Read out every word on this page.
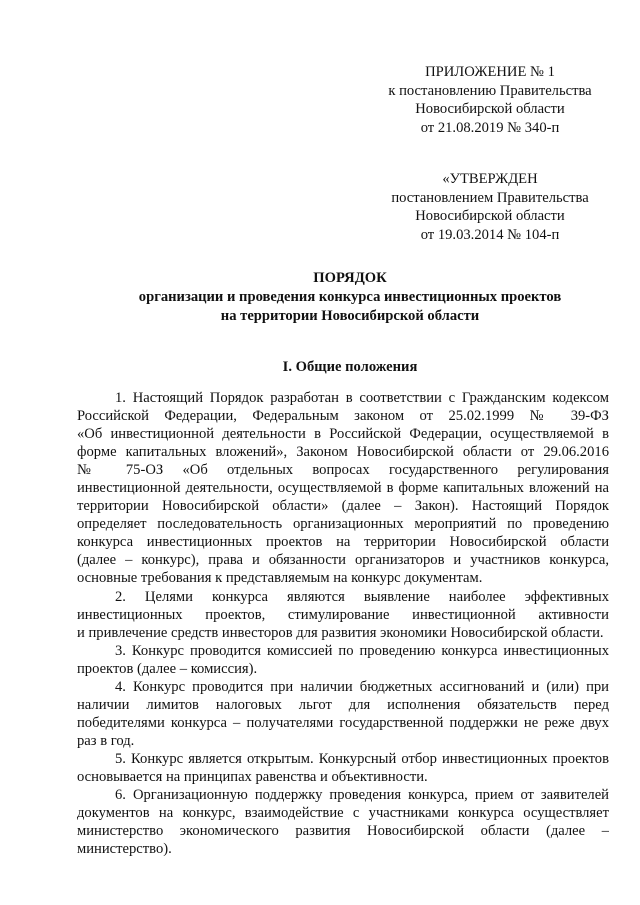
ПРИЛОЖЕНИЕ № 1
к постановлению Правительства
Новосибирской области
от 21.08.2019 № 340-п
«УТВЕРЖДЕН
постановлением Правительства
Новосибирской области
от 19.03.2014 № 104-п
ПОРЯДОК
организации и проведения конкурса инвестиционных проектов
на территории Новосибирской области
I. Общие положения
1. Настоящий Порядок разработан в соответствии с Гражданским кодексом
Российской Федерации, Федеральным законом от 25.02.1999 № 39-ФЗ
«Об инвестиционной деятельности в Российской Федерации, осуществляемой в
форме капитальных вложений», Законом Новосибирской области от 29.06.2016
№ 75-ОЗ «Об отдельных вопросах государственного регулирования
инвестиционной деятельности, осуществляемой в форме капитальных вложений на
территории Новосибирской области» (далее – Закон). Настоящий Порядок
определяет последовательность организационных мероприятий по проведению
конкурса инвестиционных проектов на территории Новосибирской области
(далее – конкурс), права и обязанности организаторов и участников конкурса,
основные требования к представляемым на конкурс документам.
2. Целями конкурса являются выявление наиболее эффективных
инвестиционных проектов, стимулирование инвестиционной активности
и привлечение средств инвесторов для развития экономики Новосибирской области.
3. Конкурс проводится комиссией по проведению конкурса инвестиционных
проектов (далее – комиссия).
4. Конкурс проводится при наличии бюджетных ассигнований и (или) при
наличии лимитов налоговых льгот для исполнения обязательств перед
победителями конкурса – получателями государственной поддержки не реже двух
раз в год.
5. Конкурс является открытым. Конкурсный отбор инвестиционных проектов
основывается на принципах равенства и объективности.
6. Организационную поддержку проведения конкурса, прием от заявителей
документов на конкурс, взаимодействие с участниками конкурса осуществляет
министерство экономического развития Новосибирской области (далее –
министерство).
